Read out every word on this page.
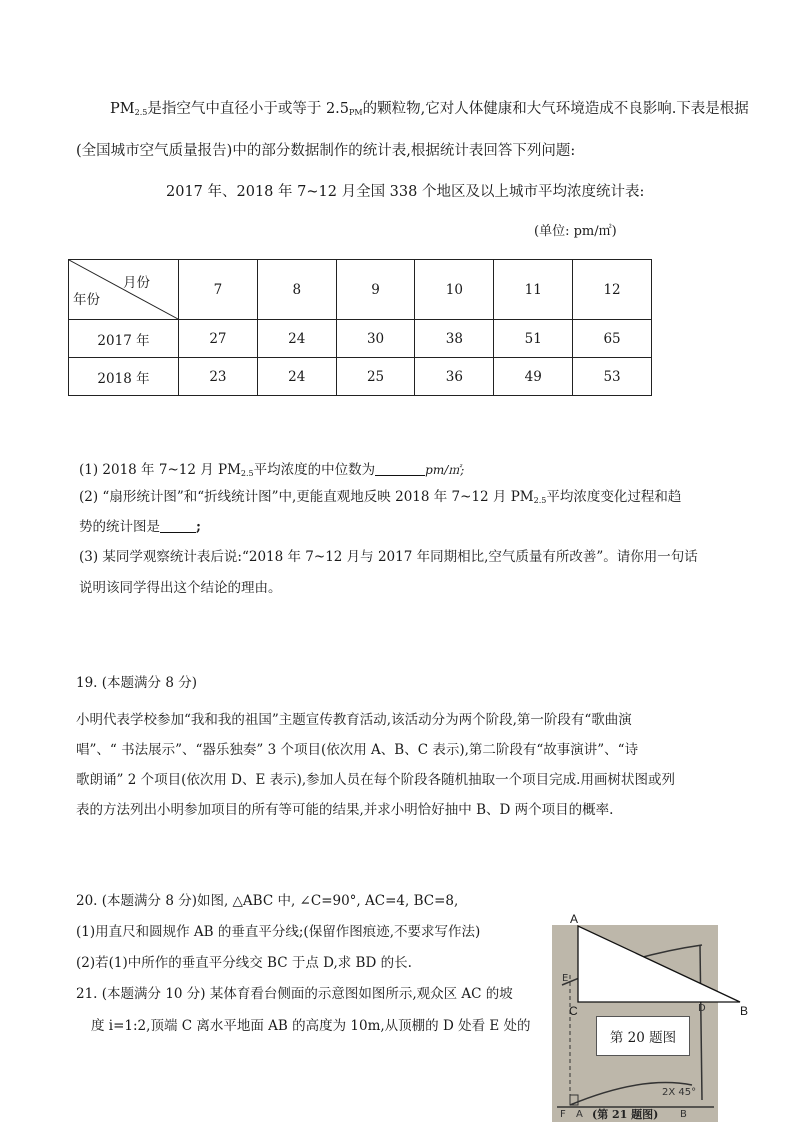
$PM_{2.5}$是指空气中直径小于或等于 $2.5_{PM}$的颗粒物,它对人体健康和大气环境造成不良影响.下表是根据
(全国城市空气质量报告)中的部分数据制作的统计表,根据统计表回答下列问题:
2017 年、2018 年 7~12 月全国 338 个地区及以上城市平均浓度统计表:
(单位: pm/㎡)
月份
年份	7	8	9	10	11	12
2017 年	27	24	30	38	51	65
2018 年	23	24	25	36	49	53
(1) 2018 年 7~12 月 $PM_{2.5}$平均浓度的中位数为	pm/㎡;
(2) “扇形统计图”和“折线统计图”中,更能直观地反映 2018 年 7~12 月 $PM_{2.5}$平均浓度变化过程和趋
势的统计图是	;
(3) 某同学观察统计表后说:“2018 年 7~12 月与 2017 年同期相比,空气质量有所改善”。请你用一句话
说明该同学得出这个结论的理由。
19. (本题满分 8 分)
小明代表学校参加“我和我的祖国”主题宣传教育活动,该活动分为两个阶段,第一阶段有“歌曲演
唱”、“ 书法展示”、“器乐独奏” 3 个项目(依次用 A、B、C 表示),第二阶段有“故事演讲”、“诗
歌朗诵” 2 个项目(依次用 D、E 表示),参加人员在每个阶段各随机抽取一个项目完成.用画树状图或列
表的方法列出小明参加项目的所有等可能的结果,并求小明恰好抽中 B、D 两个项目的概率.
20. (本题满分 8 分)如图, △ABC 中, ∠C=90°, AC=4, BC=8,
(1)用直尺和圆规作 AB 的垂直平分线;(保留作图痕迹,不要求写作法)
(2)若(1)中所作的垂直平分线交 BC 于点 D,求 BD 的长.
21. (本题满分 10 分) 某体育看台侧面的示意图如图所示,观众区 AC 的坡
度 i=1:2,顶端 C 离水平地面 AB 的高度为 10m,从顶棚的 D 处看 E 处的
2X 45°
B
F A
E
D
(第 21 题图)
A
C	B
第 20 题图
